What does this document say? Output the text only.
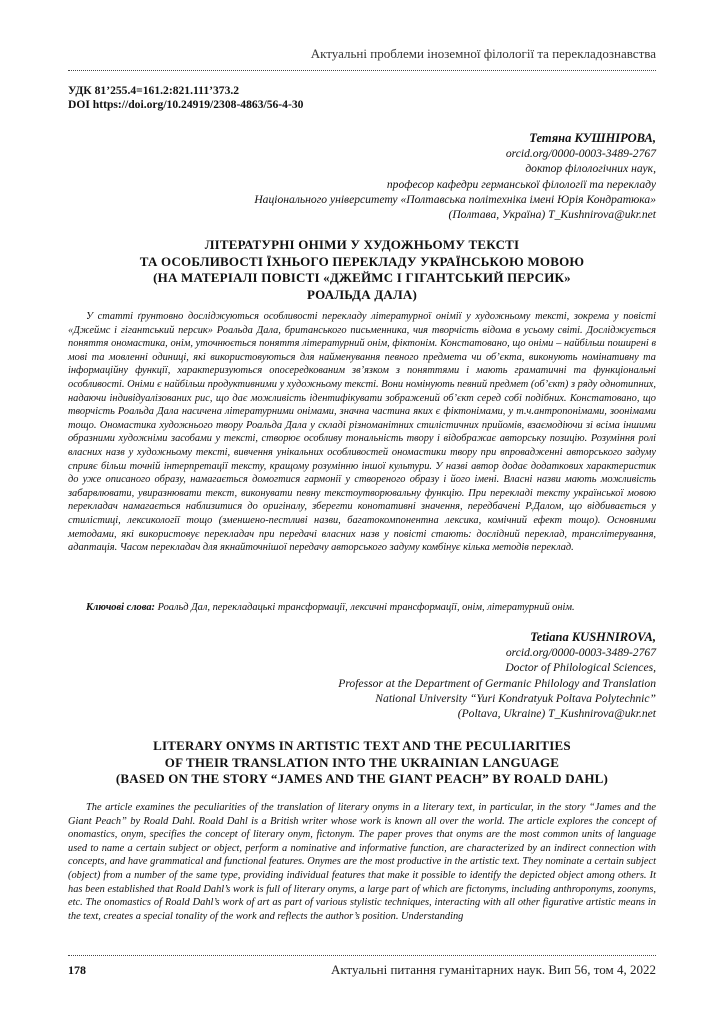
Актуальні проблеми іноземної філології та перекладознавства
УДК 81’255.4=161.2:821.111’373.2
DOI https://doi.org/10.24919/2308-4863/56-4-30
Тетяна КУШНІРОВА,
orcid.org/0000-0003-3489-2767
доктор філологічних наук,
професор кафедри германської філології та перекладу
Національного університету «Полтавська політехніка імені Юрія Кондратюка»
(Полтава, Україна) T_Kushnirova@ukr.net
ЛІТЕРАТУРНІ ОНІМИ У ХУДОЖНЬОМУ ТЕКСТІ
ТА ОСОБЛИВОСТІ ЇХНЬОГО ПЕРЕКЛАДУ УКРАЇНСЬКОЮ МОВОЮ
(НА МАТЕРІАЛІ ПОВІСТІ «ДЖЕЙМС І ГІГАНТСЬКИЙ ПЕРСИК»
РОАЛЬДА ДАЛА)

У статті ґрунтовно досліджуються особливості перекладу літературної онімії у художньому тексті, зокрема у повісті «Джеймс і гігантський персик» Роальда Дала, британського письменника, чия творчість відома в усьому світі. Досліджується поняття ономастика, онім, уточнюється поняття літературний онім, фіктонім. Констатовано, що оніми – найбільш поширені в мові та мовленні одиниці, які використовуються для найменування певного предмета чи об’єкта, виконують номінативну та інформаційну функції, характеризуються опосередкованим зв’язком з поняттями і мають граматичні та функціональні особливості. Оніми є найбільш продуктивними у художньому тексті. Вони номінують певний предмет (об’єкт) з ряду однотипних, надаючи індивідуалізованих рис, що дає можливість ідентифікувати зображений об’єкт серед собі подібних. Констатовано, що творчість Роальда Дала насичена літературними онімами, значна частина яких є фіктонімами, у т.ч.антропонімами, зоонімами тощо. Ономастика художнього твору Роальда Дала у складі різноманітних стилістичних прийомів, взаємодіючи зі всіма іншими образними художніми засобами у тексті, створює особливу тональність твору і відображає авторську позицію. Розуміння ролі власних назв у художньому тексті, вивчення унікальних особливостей ономастики твору при впровадженні авторського задуму сприяє більш точній інтерпретації тексту, кращому розумінню іншої культури. У назві автор додає додаткових характеристик до уже описаного образу, намагається домогтися гармонії у створеного образу і його імені. Власні назви мають можливість забарвлювати, увиразнювати текст, виконувати певну текстоутворювальну функцію. При перекладі тексту української мовою перекладач намагається наблизитися до оригіналу, зберегти конотативні значення, передбачені Р.Далом, що відбивається у стилістиці, лексикології тощо (зменшено-пестливі назви, багатокомпонентна лексика, комічний ефект тощо). Основними методами, які використовує перекладач при передачі власних назв у повісті стають: дослідний переклад, транслітерування, адаптація. Часом перекладач для якнайточнішої передачу авторського задуму комбінує кілька методів переклад.

Ключові слова: Роальд Дал, перекладацькі трансформації, лексичні трансформації, онім, літературний онім.
Tetiana KUSHNIROVA,
orcid.org/0000-0003-3489-2767
Doctor of Philological Sciences,
Professor at the Department of Germanic Philology and Translation
National University “Yuri Kondratyuk Poltava Polytechnic”
(Poltava, Ukraine) T_Kushnirova@ukr.net
LITERARY ONYMS IN ARTISTIC TEXT AND THE PECULIARITIES
OF THEIR TRANSLATION INTO THE UKRAINIAN LANGUAGE
(BASED ON THE STORY “JAMES AND THE GIANT PEACH” BY ROALD DAHL)

The article examines the peculiarities of the translation of literary onyms in a literary text, in particular, in the story “James and the Giant Peach” by Roald Dahl. Roald Dahl is a British writer whose work is known all over the world. The article explores the concept of onomastics, onym, specifies the concept of literary onym, fictonym. The paper proves that onyms are the most common units of language used to name a certain subject or object, perform a nominative and informative function, are characterized by an indirect connection with concepts, and have grammatical and functional features. Onymes are the most productive in the artistic text. They nominate a certain subject (object) from a number of the same type, providing individual features that make it possible to identify the depicted object among others. It has been established that Roald Dahl’s work is full of literary onyms, a large part of which are fictonyms, including anthroponyms, zoonyms, etc. The onomastics of Roald Dahl’s work of art as part of various stylistic techniques, interacting with all other figurative artistic means in the text, creates a special tonality of the work and reflects the author’s position. Understanding

178	Актуальні питання гуманітарних наук. Вип 56, том 4, 2022
